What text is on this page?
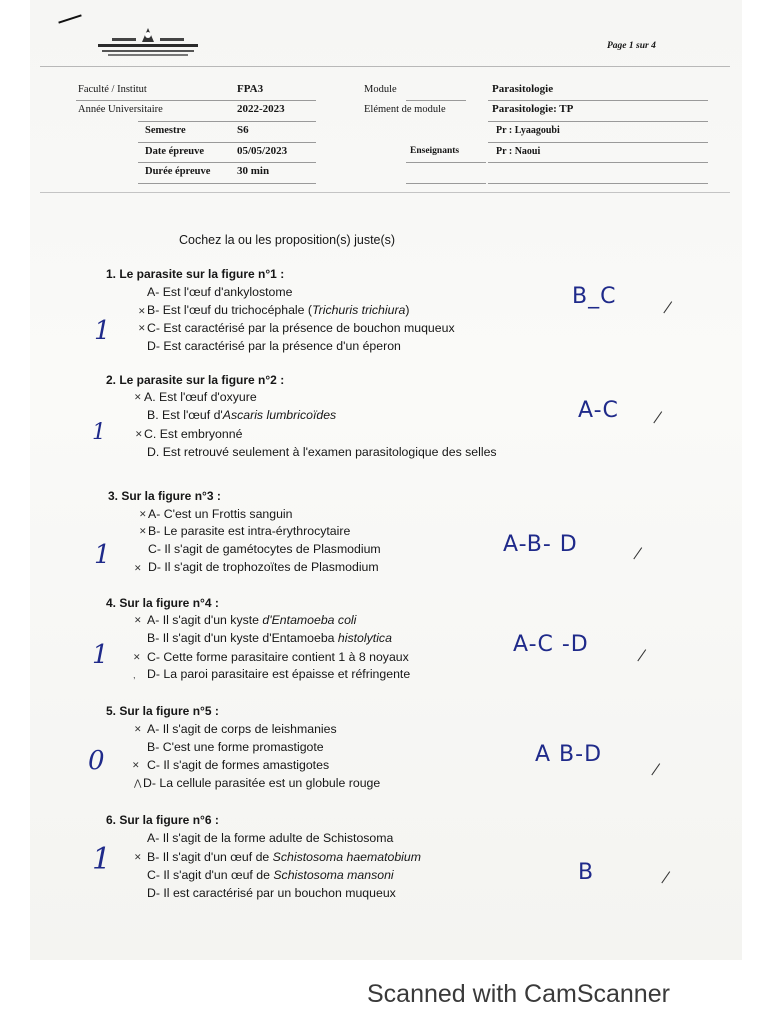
Page 1 sur 4
Faculté / Institut	FPA3
Année Universitaire	2022-2023
Semestre	S6
Date épreuve	05/05/2023
Durée épreuve 30 min
Module	Parasitologie
Elément de module	Parasitologie: TP
Enseignants
Pr : Lyaagoubi
Pr : Naoui
Cochez la ou les proposition(s) juste(s)
1. Le parasite sur la figure n°1 :
A- Est l'œuf d'ankylostome
B- Est l'œuf du trichocéphale (Trichuris trichiura)
C- Est caractérisé par la présence de bouchon muqueux
D- Est caractérisé par la présence d'un éperon
✕
✕
1
B_C
2. Le parasite sur la figure n°2 :
A. Est l'œuf d'oxyure
B. Est l'œuf d'Ascaris lumbricoïdes
C. Est embryonné
D. Est retrouvé seulement à l'examen parasitologique des selles
✕
✕
1
A-C
3. Sur la figure n°3 :
A- C'est un Frottis sanguin
B- Le parasite est intra-érythrocytaire
C- Il s'agit de gamétocytes de Plasmodium
D- Il s'agit de trophozoïtes de Plasmodium
✕
✕
✕
1	A-B- D
4. Sur la figure n°4 :
A- Il s'agit d'un kyste d'Entamoeba coli
B- Il s'agit d'un kyste d'Entamoeba histolytica
C- Cette forme parasitaire contient 1 à 8 noyaux
D- La paroi parasitaire est épaisse et réfringente
✕
✕
,
1	A-C -D
5. Sur la figure n°5 :
A- Il s'agit de corps de leishmanies
B- C'est une forme promastigote
C- Il s'agit de formes amastigotes
D- La cellule parasitée est un globule rouge
✕
✕
⋀
0	A B-D
6. Sur la figure n°6 :
A- Il s'agit de la forme adulte de Schistosoma
B- Il s'agit d'un œuf de Schistosoma haematobium
C- Il s'agit d'un œuf de Schistosoma mansoni
D- Il est caractérisé par un bouchon muqueux
✕
1	B
Scanned with CamScanner
